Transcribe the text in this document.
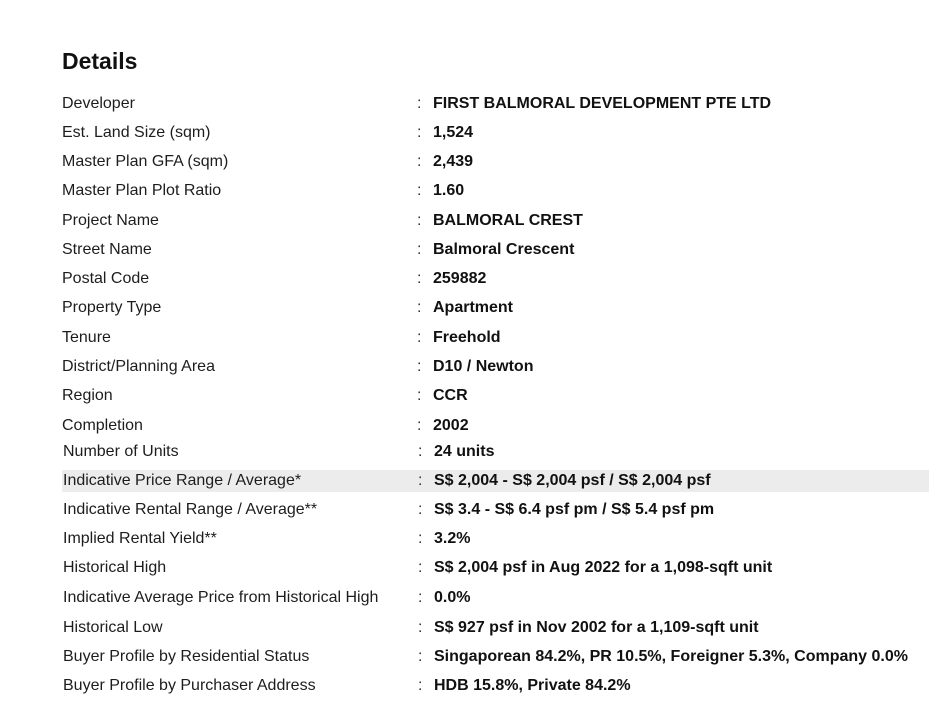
Details
Developer	: FIRST BALMORAL DEVELOPMENT PTE LTD
Est. Land Size (sqm)	: 1,524
Master Plan GFA (sqm)	: 2,439
Master Plan Plot Ratio	: 1.60
Project Name	: BALMORAL CREST
Street Name	: Balmoral Crescent
Postal Code	: 259882
Property Type	: Apartment
Tenure	: Freehold
District/Planning Area	: D10 / Newton
Region	: CCR
Completion	: 2002
Number of Units	: 24 units
Indicative Price Range / Average*	: S$ 2,004 - S$ 2,004 psf / S$ 2,004 psf
Indicative Rental Range / Average**	: S$ 3.4 - S$ 6.4 psf pm / S$ 5.4 psf pm
Implied Rental Yield**	: 3.2%
Historical High	: S$ 2,004 psf in Aug 2022 for a 1,098-sqft unit
Indicative Average Price from Historical High	: 0.0%
Historical Low	: S$ 927 psf in Nov 2002 for a 1,109-sqft unit
Buyer Profile by Residential Status	: Singaporean 84.2%, PR 10.5%, Foreigner 5.3%, Company 0.0%
Buyer Profile by Purchaser Address	: HDB 15.8%, Private 84.2%
